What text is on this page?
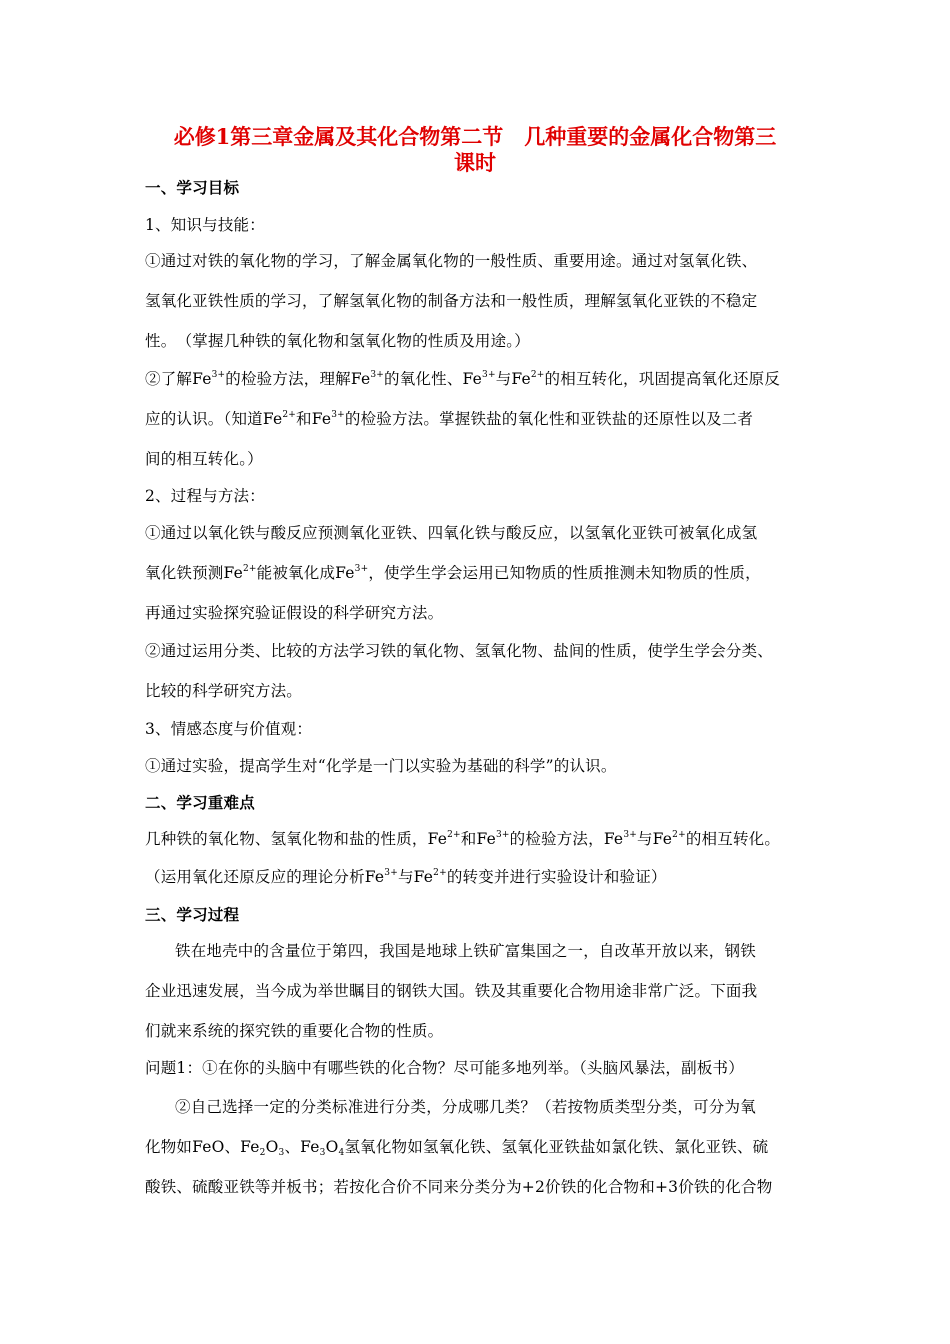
必修1第三章金属及其化合物第二节　几种重要的金属化合物第三
课时
一、学习目标
1、知识与技能：
①通过对铁的氧化物的学习，了解金属氧化物的一般性质、重要用途。通过对氢氧化铁、
氢氧化亚铁性质的学习，了解氢氧化物的制备方法和一般性质，理解氢氧化亚铁的不稳定
性。　（掌握几种铁的氧化物和氢氧化物的性质及用途。）
②了解$Fe^{3+}$的检验方法，理解$Fe^{3+}$的氧化性、$Fe^{3+}$与$Fe^{2+}$的相互转化，巩固提高氧化还原反
应的认识。（知道$Fe^{2+}$和$Fe^{3+}$的检验方法。掌握铁盐的氧化性和亚铁盐的还原性以及二者
间的相互转化。）
2、过程与方法：
①通过以氧化铁与酸反应预测氧化亚铁、四氧化铁与酸反应，以氢氧化亚铁可被氧化成氢
氧化铁预测$Fe^{2+}$能被氧化成$Fe^{3+}$，使学生学会运用已知物质的性质推测未知物质的性质，
再通过实验探究验证假设的科学研究方法。
②通过运用分类、比较的方法学习铁的氧化物、氢氧化物、盐间的性质，使学生学会分类、
比较的科学研究方法。
3、情感态度与价值观：
①通过实验，提高学生对“化学是一门以实验为基础的科学”的认识。
二、学习重难点
几种铁的氧化物、氢氧化物和盐的性质，$Fe^{2+}$和$Fe^{3+}$的检验方法，$Fe^{3+}$与$Fe^{2+}$的相互转化。
（运用氧化还原反应的理论分析$Fe^{3+}$与$Fe^{2+}$的转变并进行实验设计和验证）
三、学习过程
铁在地壳中的含量位于第四，我国是地球上铁矿富集国之一，自改革开放以来，钢铁
企业迅速发展，当今成为举世瞩目的钢铁大国。铁及其重要化合物用途非常广泛。下面我
们就来系统的探究铁的重要化合物的性质。
问题1：①在你的头脑中有哪些铁的化合物？尽可能多地列举。（头脑风暴法，副板书）
②自己选择一定的分类标准进行分类，分成哪几类？（若按物质类型分类，可分为氧
化物如FeO、$Fe_2O_3$、$Fe_3O_4$氢氧化物如氢氧化铁、氢氧化亚铁盐如氯化铁、氯化亚铁、硫
酸铁、硫酸亚铁等并板书；若按化合价不同来分类分为+2价铁的化合物和+3价铁的化合物
